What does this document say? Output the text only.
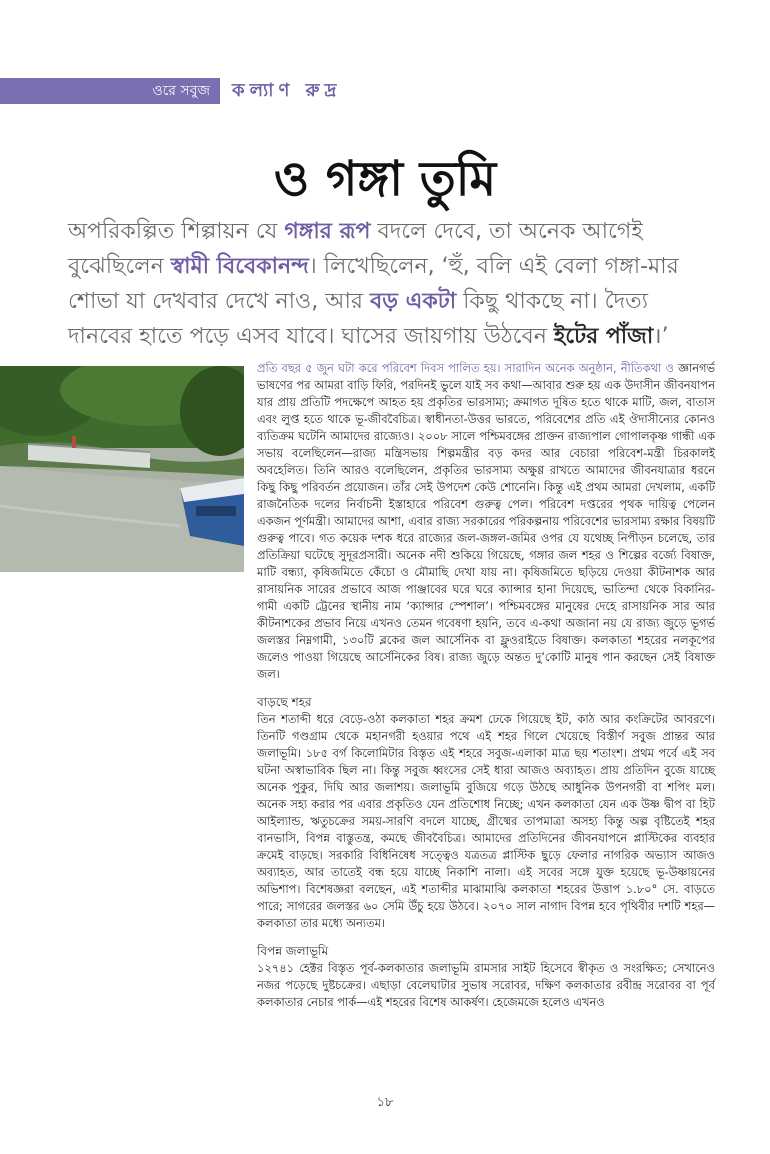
ওরে সবুজ কল্যাণ রুদ্র
ও গঙ্গা তুমি

অপরিকল্পিত শিল্পায়ন যে গঙ্গার রূপ বদলে দেবে, তা অনেক আগেই বুঝেছিলেন স্বামী বিবেকানন্দ। লিখেছিলেন, ‘হুঁ, বলি এই বেলা গঙ্গা-মার শোভা যা দেখবার দেখে নাও, আর বড় একটা কিছু থাকছে না। দৈত্য দানবের হাতে পড়ে এসব যাবে। ঘাসের জায়গায় উঠবেন ইটের পাঁজা।’

প্রতি বছর ৫ জুন ঘটা করে পরিবেশ দিবস পালিত হয়। সারাদিন অনেক অনুষ্ঠান, নীতিকথা ও জ্ঞানগর্ভ ভাষণের পর আমরা বাড়ি ফিরি, পরদিনই ভুলে যাই সব কথা—আবার শুরু হয় এক উদাসীন জীবনযাপন যার প্রায় প্রতিটি পদক্ষেপে আহত হয় প্রকৃতির ভারসাম্য; ক্রমাগত দূষিত হতে থাকে মাটি, জল, বাতাস এবং লুপ্ত হতে থাকে ভূ-জীববৈচিত্র। স্বাধীনতা-উত্তর ভারতে, পরিবেশের প্রতি এই ঔদাসীন্যের কোনও ব্যতিক্রম ঘটেনি আমাদের রাজ্যেও। ২০০৮ সালে পশ্চিমবঙ্গের প্রাক্তন রাজ্যপাল গোপালকৃষ্ণ গান্ধী এক সভায় বলেছিলেন—রাজ্য মন্ত্রিসভায় শিল্পমন্ত্রীর বড় কদর আর বেচারা পরিবেশ-মন্ত্রী চিরকালই অবহেলিত। তিনি আরও বলেছিলেন, প্রকৃতির ভারসাম্য অক্ষুণ্ণ রাখতে আমাদের জীবনযাত্রার ধরনে কিছু কিছু পরিবর্তন প্রয়োজন। তাঁর সেই উপদেশ কেউ শোনেনি। কিন্তু এই প্রথম আমরা দেখলাম, একটি রাজনৈতিক দলের নির্বাচনী ইস্তাহারে পরিবেশ গুরুত্ব পেল। পরিবেশ দপ্তরের পৃথক দায়িত্ব পেলেন একজন পূর্ণমন্ত্রী। আমাদের আশা, এবার রাজ্য সরকারের পরিকল্পনায় পরিবেশের ভারসাম্য রক্ষার বিষয়টি গুরুত্ব পাবে। গত কয়েক দশক ধরে রাজ্যের জল-জঙ্গল-জমির ওপর যে যথেচ্ছ নিপীড়ন চলেছে, তার প্রতিক্রিয়া ঘটেছে সুদূরপ্রসারী। অনেক নদী শুকিয়ে গিয়েছে, গঙ্গার জল শহর ও শিল্পের বর্জ্যে বিষাক্ত, মাটি বন্ধ্যা, কৃষিজমিতে কেঁচো ও মৌমাছি দেখা যায় না। কৃষিজমিতে ছড়িয়ে দেওয়া কীটনাশক আর রাসায়নিক সারের প্রভাবে আজ পাঞ্জাবের ঘরে ঘরে ক্যান্সার হানা দিয়েছে, ভাতিন্দা থেকে বিকানির-গামী একটি ট্রেনের স্থানীয় নাম ‘ক্যান্সার স্পেশাল’। পশ্চিমবঙ্গের মানুষের দেহে রাসায়নিক সার আর কীটনাশকের প্রভাব নিয়ে এখনও তেমন গবেষণা হয়নি, তবে এ-কথা অজানা নয় যে রাজ্য জুড়ে ভূগর্ভ জলস্তর নিম্নগামী, ১৩০টি ব্লকের জল আর্সেনিক বা ফ্লুওরাইডে বিষাক্ত। কলকাতা শহরের নলকূপের জলেও পাওয়া গিয়েছে আর্সেনিকের বিষ। রাজ্য জুড়ে অন্তত দু’কোটি মানুষ পান করছেন সেই বিষাক্ত জল।

বাড়ছে শহর

তিন শতাব্দী ধরে বেড়ে-ওঠা কলকাতা শহর ক্রমশ ঢেকে গিয়েছে ইট, কাঠ আর কংক্রিটের আবরণে। তিনটি গণ্ডগ্রাম থেকে মহানগরী হওয়ার পথে এই শহর গিলে খেয়েছে বিস্তীর্ণ সবুজ প্রান্তর আর জলাভূমি। ১৮৫ বর্গ কিলোমিটার বিস্তৃত এই শহরে সবুজ-এলাকা মাত্র ছয় শতাংশ। প্রথম পর্বে এই সব ঘটনা অস্বাভাবিক ছিল না। কিন্তু সবুজ ধ্বংসের সেই ধারা আজও অব্যাহত। প্রায় প্রতিদিন বুজে যাচ্ছে অনেক পুকুর, দিঘি আর জলাশয়। জলাভূমি বুজিয়ে গড়ে উঠছে আধুনিক উপনগরী বা শপিং মল। অনেক সহ্য করার পর এবার প্রকৃতিও যেন প্রতিশোধ নিচ্ছে; এখন কলকাতা যেন এক উষ্ণ দ্বীপ বা হিট আইল্যান্ড, ঋতুচক্রের সময়-সারণি বদলে যাচ্ছে, গ্রীষ্মের তাপমাত্রা অসহ্য কিন্তু অল্প বৃষ্টিতেই শহর বানভাসি, বিপন্ন বাস্তুতন্ত্র, কমছে জীববৈচিত্র। আমাদের প্রতিদিনের জীবনযাপনে প্লাস্টিকের ব্যবহার ক্রমেই বাড়ছে। সরকারি বিধিনিষেধ সত্ত্বেও যত্রতত্র প্লাস্টিক ছুড়ে ফেলার নাগরিক অভ্যাস আজও অব্যাহত, আর তাতেই বন্ধ হয়ে যাচ্ছে নিকাশি নালা। এই সবের সঙ্গে যুক্ত হয়েছে ভূ-উষ্ণায়নের অভিশাপ। বিশেষজ্ঞরা বলছেন, এই শতাব্দীর মাঝামাঝি কলকাতা শহরের উত্তাপ ১.৮০° সে. বাড়তে পারে; সাগরের জলস্তর ৬০ সেমি উঁচু হয়ে উঠবে। ২০৭০ সাল নাগাদ বিপন্ন হবে পৃথিবীর দশটি শহর—কলকাতা তার মধ্যে অন্যতম।

বিপন্ন জলাভূমি

১২৭৪১ হেক্টর বিস্তৃত পূর্ব-কলকাতার জলাভূমি রামসার সাইট হিসেবে স্বীকৃত ও সংরক্ষিত; সেখানেও নজর পড়েছে দুষ্টচক্রের। এছাড়া বেলেঘাটার সুভাষ সরোবর, দক্ষিণ কলকাতার রবীন্দ্র সরোবর বা পূর্ব কলকাতার নেচার পার্ক—এই শহরের বিশেষ আকর্ষণ। হেজেমজে হলেও এখনও

১৮
